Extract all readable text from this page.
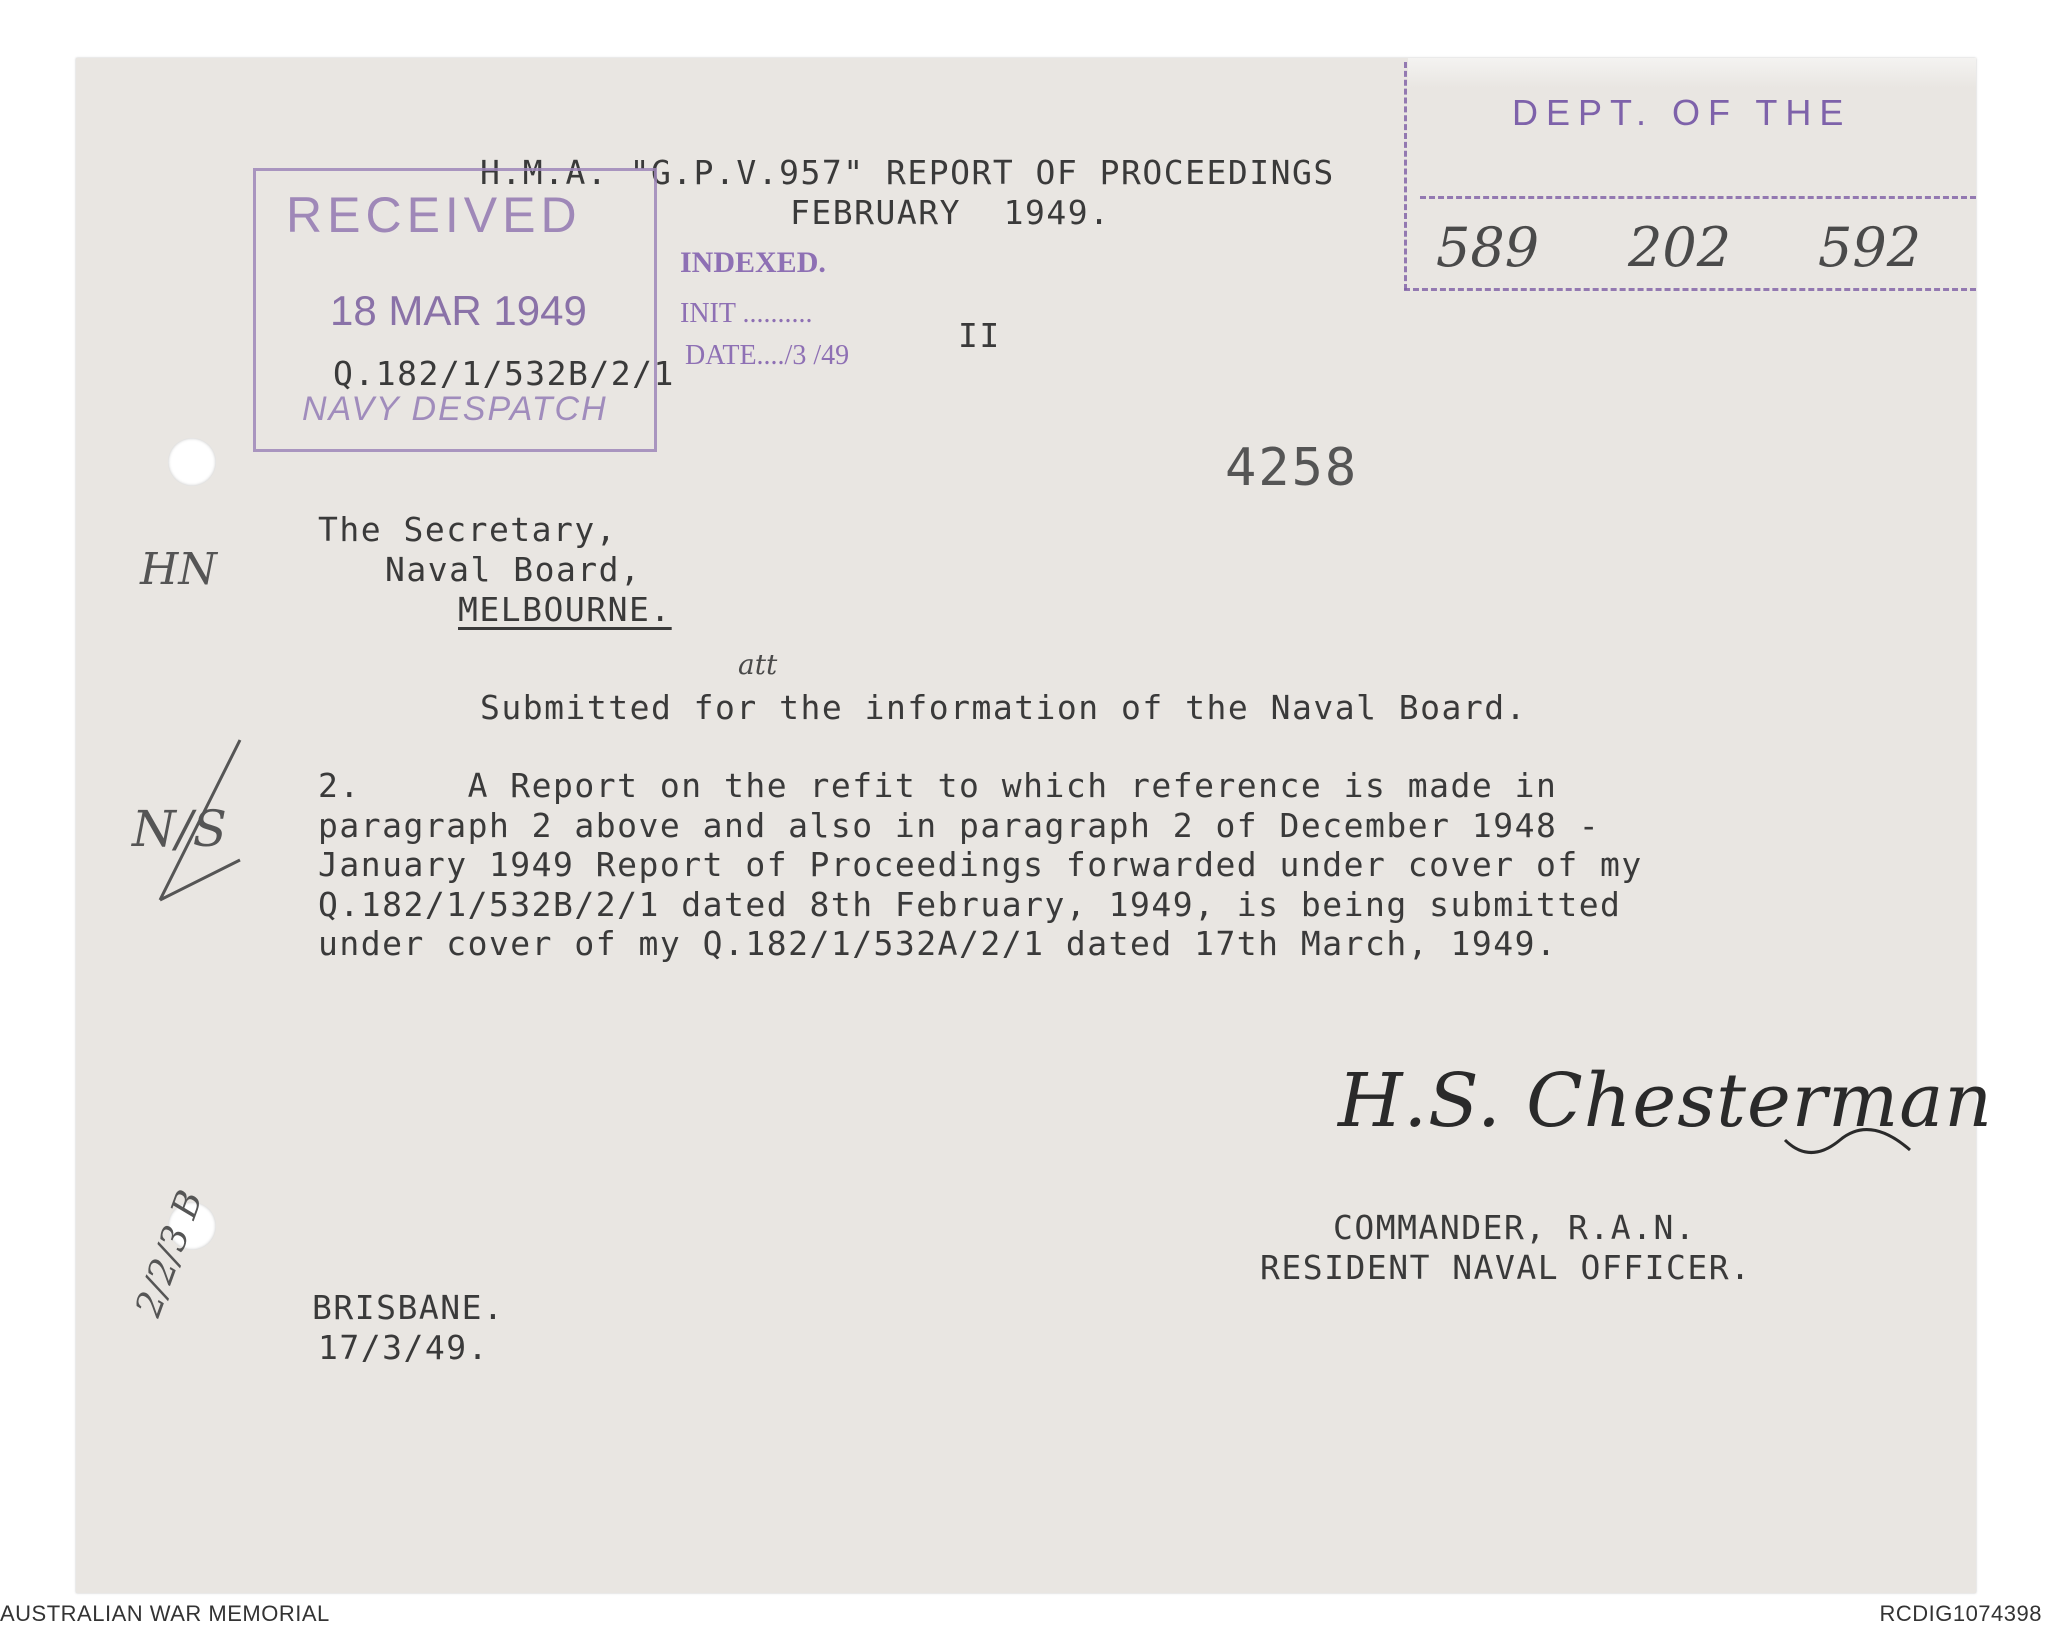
H.M.A. "G.P.V.957" REPORT OF PROCEEDINGS
FEBRUARY  1949.
Q.182/1/532B/2/1
II
4258
RECEIVED
18 MAR 1949
NAVY DESPATCH
INDEXED.
INIT ..........
DATE..../3 /49
DEPT. OF THE
589 202 592
The Secretary,
Naval Board,
MELBOURNE.
att
Submitted for the information of the Naval Board.
2.     A Report on the refit to which reference is made in
paragraph 2 above and also in paragraph 2 of December 1948 -
January 1949 Report of Proceedings forwarded under cover of my
Q.182/1/532B/2/1 dated 8th February, 1949, is being submitted
under cover of my Q.182/1/532A/2/1 dated 17th March, 1949.
H.S. Chesterman
COMMANDER, R.A.N.
RESIDENT NAVAL OFFICER.
BRISBANE.
17/3/49.
HN
N/S
2/2/3 B
AUSTRALIAN WAR MEMORIAL	RCDIG1074398
